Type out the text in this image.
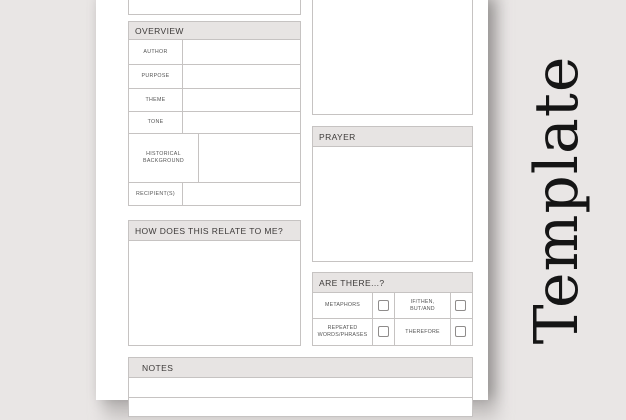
OVERVIEW
AUTHOR
PURPOSE
THEME
TONE
HISTORICAL BACKGROUND
RECIPIENT(S)
PRAYER
HOW DOES THIS RELATE TO ME?
ARE THERE...?
METAPHORS
IF/THEN, BUT/AND
REPEATED WORDS/PHRASES
THEREFORE
NOTES
Template
